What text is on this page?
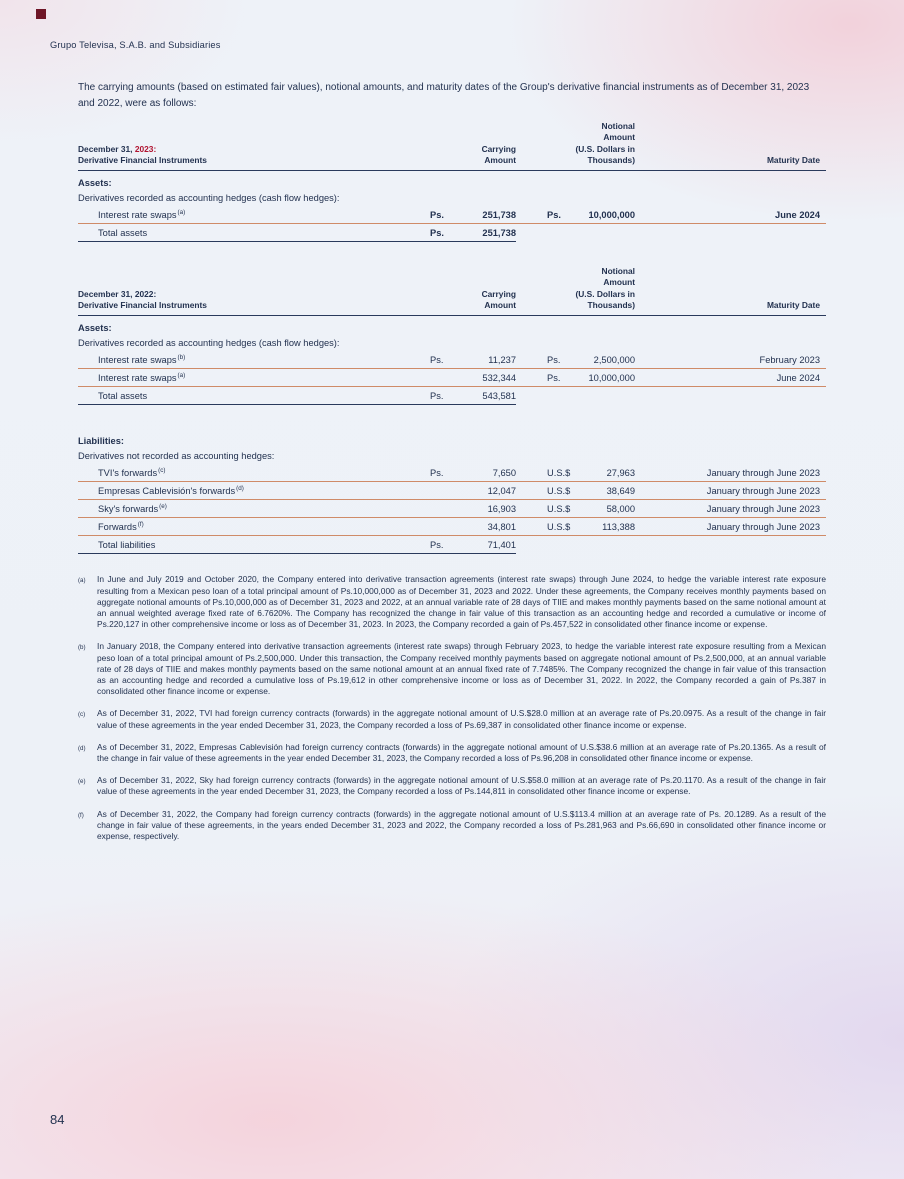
Grupo Televisa, S.A.B. and Subsidiaries

The carrying amounts (based on estimated fair values), notional amounts, and maturity dates of the Group's derivative financial instruments as of December 31, 2023 and 2022, were as follows:

December 31, 2023:
Derivative Financial Instruments

Carrying
Amount

Notional
Amount
(U.S. Dollars in
Thousands)	Maturity Date
Assets:						
Derivatives recorded as accounting hedges (cash flow hedges):						
Interest rate swaps$^{(a)}$	Ps.	251,738		Ps.	10,000,000	June 2024
Total assets	Ps.	251,738				
December 31, 2022:
Derivative Financial Instruments

Carrying
Amount

Notional
Amount
(U.S. Dollars in
Thousands)	Maturity Date
Assets:						
Derivatives recorded as accounting hedges (cash flow hedges):						
Interest rate swaps$^{(b)}$	Ps.	11,237		Ps.	2,500,000	February 2023
Interest rate swaps$^{(a)}$		532,344		Ps.	10,000,000	June 2024
Total assets	Ps.	543,581				

Liabilities:						
Derivatives not recorded as accounting hedges:						
TVI's forwards$^{(c)}$	Ps.	7,650		U.S.$	27,963	January through June 2023
Empresas Cablevisión's forwards$^{(d)}$		12,047		U.S.$	38,649	January through June 2023
Sky's forwards$^{(e)}$		16,903		U.S.$	58,000	January through June 2023
Forwards$^{(f)}$		34,801		U.S.$	113,388	January through June 2023
Total liabilities	Ps.	71,401				
(a)	In June and July 2019 and October 2020, the Company entered into derivative transaction agreements (interest rate swaps) through June 2024, to hedge the variable interest rate exposure resulting from a Mexican peso loan of a total principal amount of Ps.10,000,000 as of December 31, 2023 and 2022. Under these agreements, the Company receives monthly payments based on aggregate notional amounts of Ps.10,000,000 as of December 31, 2023 and 2022, at an annual variable rate of 28 days of TIIE and makes monthly payments based on the same notional amount at an annual weighted average fixed rate of 6.7620%. The Company has recognized the change in fair value of this transaction as an accounting hedge and recorded a cumulative or income of Ps.220,127 in other comprehensive income or loss as of December 31, 2023. In 2023, the Company recorded a gain of Ps.457,522 in consolidated other finance income or expense.
(b)	In January 2018, the Company entered into derivative transaction agreements (interest rate swaps) through February 2023, to hedge the variable interest rate exposure resulting from a Mexican peso loan of a total principal amount of Ps.2,500,000. Under this transaction, the Company received monthly payments based on aggregate notional amount of Ps.2,500,000, at an annual variable rate of 28 days of TIIE and makes monthly payments based on the same notional amount at an annual fixed rate of 7.7485%. The Company recognized the change in fair value of this transaction as an accounting hedge and recorded a cumulative loss of Ps.19,612 in other comprehensive income or loss as of December 31, 2022. In 2022, the Company recorded a gain of Ps.387 in consolidated other finance income or expense.
(c)	As of December 31, 2022, TVI had foreign currency contracts (forwards) in the aggregate notional amount of U.S.$28.0 million at an average rate of Ps.20.0975. As a result of the change in fair value of these agreements in the year ended December 31, 2023, the Company recorded a loss of Ps.69,387 in consolidated other finance income or expense.
(d)	As of December 31, 2022, Empresas Cablevisión had foreign currency contracts (forwards) in the aggregate notional amount of U.S.$38.6 million at an average rate of Ps.20.1365. As a result of the change in fair value of these agreements in the year ended December 31, 2023, the Company recorded a loss of Ps.96,208 in consolidated other finance income or expense.
(e)	As of December 31, 2022, Sky had foreign currency contracts (forwards) in the aggregate notional amount of U.S.$58.0 million at an average rate of Ps.20.1170. As a result of the change in fair value of these agreements in the year ended December 31, 2023, the Company recorded a loss of Ps.144,811 in consolidated other finance income or expense.
(f)	As of December 31, 2022, the Company had foreign currency contracts (forwards) in the aggregate notional amount of U.S.$113.4 million at an average rate of Ps. 20.1289. As a result of the change in fair value of these agreements, in the years ended December 31, 2023 and 2022, the Company recorded a loss of Ps.281,963 and Ps.66,690 in consolidated other finance income or expense, respectively.
84
